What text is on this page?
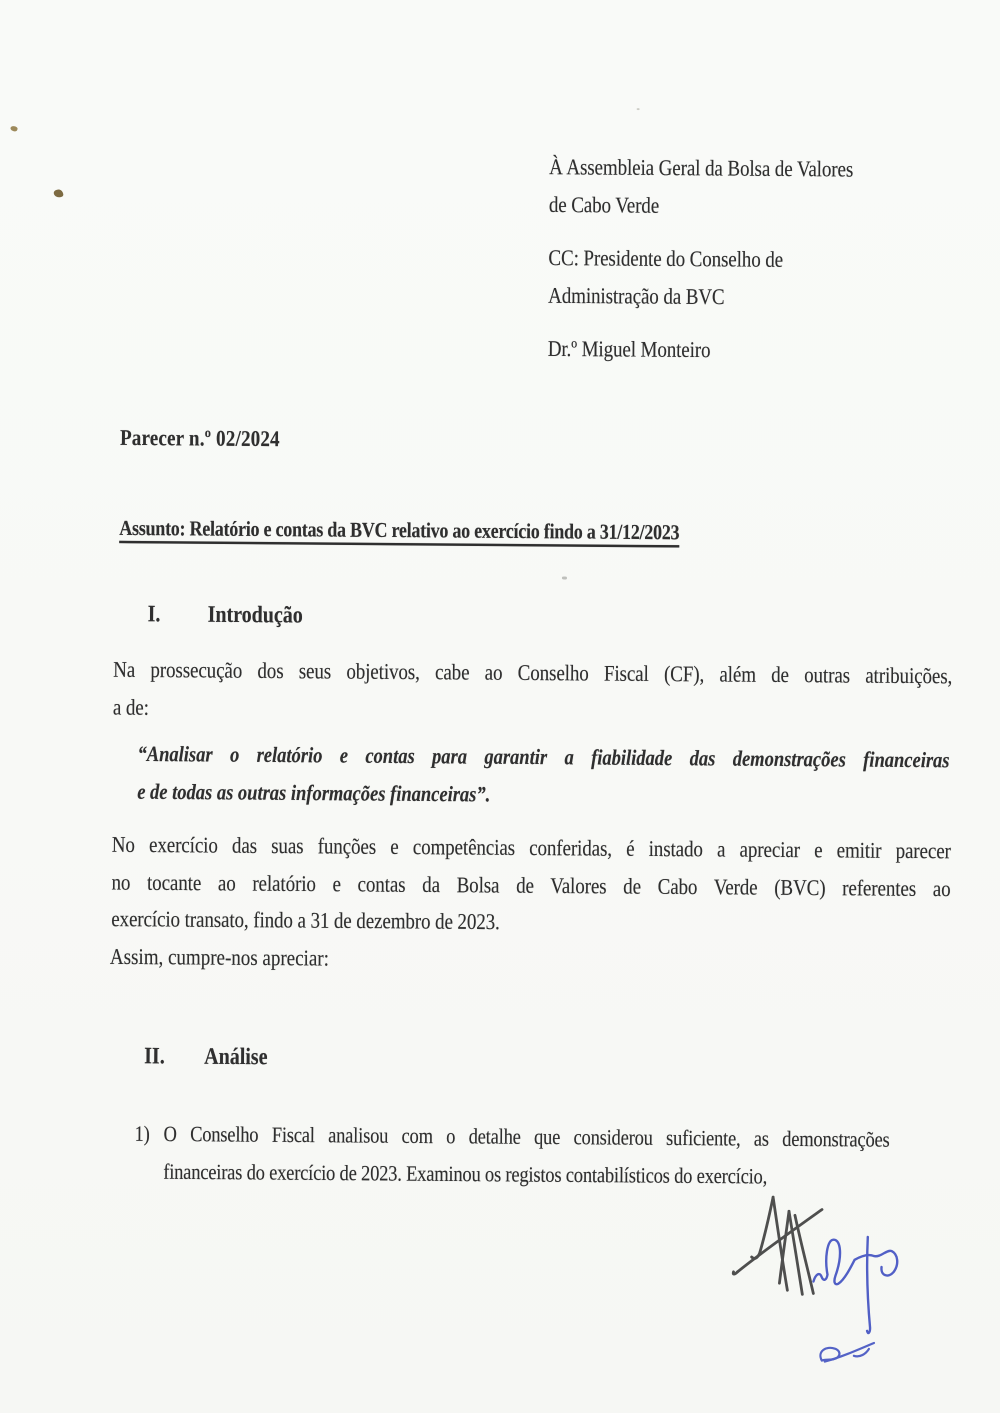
À Assembleia Geral da Bolsa de Valores
de Cabo Verde
CC: Presidente do Conselho de
Administração da BVC
Dr.º Miguel Monteiro
Parecer n.º 02/2024
Assunto: Relatório e contas da BVC relativo ao exercício findo a 31/12/2023
I. Introdução
Na prossecução dos seus objetivos, cabe ao Conselho Fiscal (CF), além de outras atribuições,
a de:
“Analisar o relatório e contas para garantir a fiabilidade das demonstrações financeiras
e de todas as outras informações financeiras”.
No exercício das suas funções e competências conferidas, é instado a apreciar e emitir parecer
no tocante ao relatório e contas da Bolsa de Valores de Cabo Verde (BVC) referentes ao
exercício transato, findo a 31 de dezembro de 2023.
Assim, cumpre-nos apreciar:
II. Análise
1) O Conselho Fiscal analisou com o detalhe que considerou suficiente, as demonstrações
financeiras do exercício de 2023. Examinou os registos contabilísticos do exercício,
